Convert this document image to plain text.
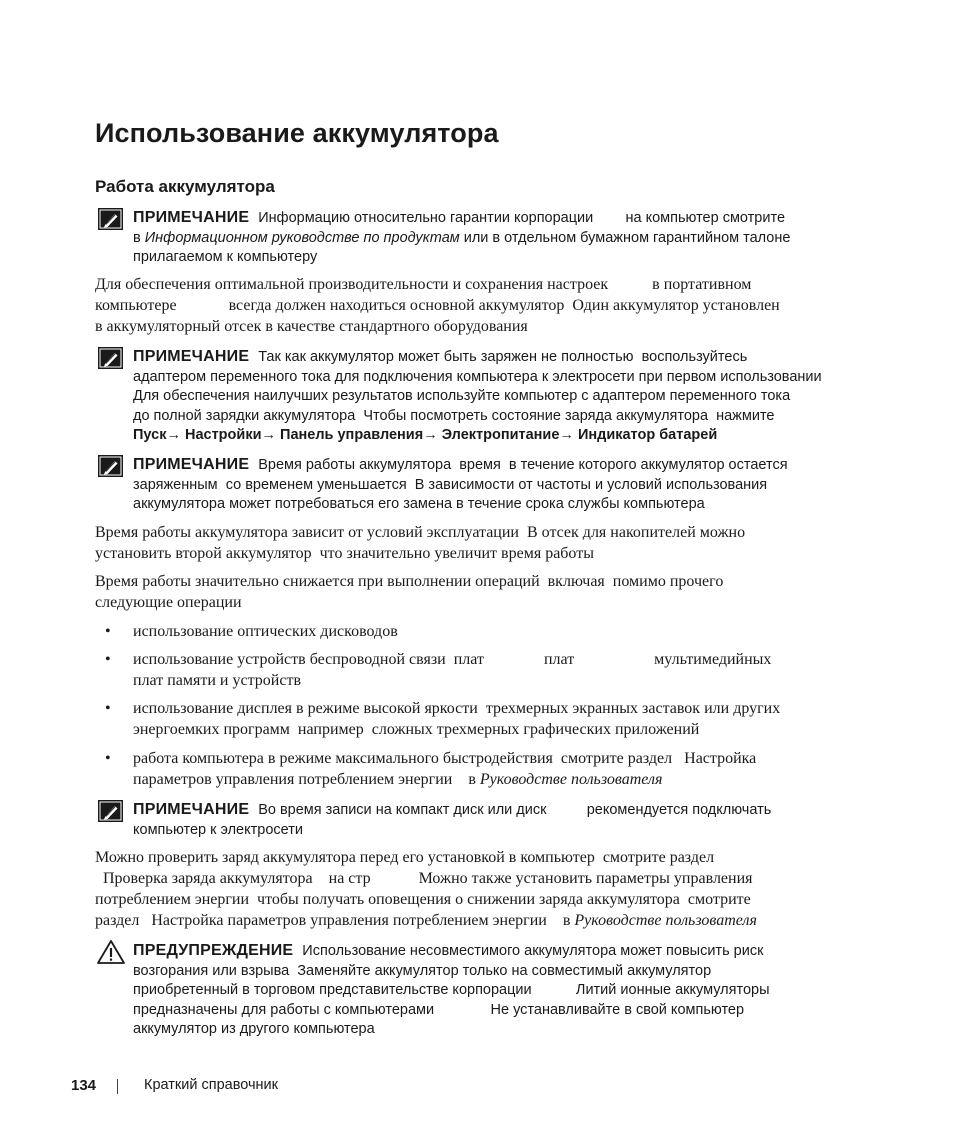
Использование аккумулятора
Работа аккумулятора
ПРИМЕЧАНИЕ Информацию относительно гарантии корпорации        на компьютер смотрите
в Информационном руководстве по продуктам или в отдельном бумажном гарантийном талоне
прилагаемом к компьютеру
Для обеспечения оптимальной производительности и сохранения настроек           в портативном
компьютере             всегда должен находиться основной аккумулятор  Один аккумулятор установлен
в аккумуляторный отсек в качестве стандартного оборудования
ПРИМЕЧАНИЕ Так как аккумулятор может быть заряжен не полностью  воспользуйтесь
адаптером переменного тока для подключения компьютера к электросети при первом использовании
Для обеспечения наилучших результатов используйте компьютер с адаптером переменного тока
до полной зарядки аккумулятора  Чтобы посмотреть состояние заряда аккумулятора  нажмите
Пуск→ Настройки→ Панель управления→ Электропитание→ Индикатор батарей
ПРИМЕЧАНИЕ Время работы аккумулятора  время  в течение которого аккумулятор остается
заряженным  со временем уменьшается  В зависимости от частоты и условий использования
аккумулятора может потребоваться его замена в течение срока службы компьютера
Время работы аккумулятора зависит от условий эксплуатации  В отсек для накопителей можно
установить второй аккумулятор  что значительно увеличит время работы
Время работы значительно снижается при выполнении операций  включая  помимо прочего
следующие операции
• использование оптических дисководов
• использование устройств беспроводной связи  плат               плат                    мультимедийных
плат памяти и устройств
• использование дисплея в режиме высокой яркости  трехмерных экранных заставок или других
энергоемких программ  например  сложных трехмерных графических приложений
• работа компьютера в режиме максимального быстродействия  смотрите раздел   Настройка
параметров управления потреблением энергии    в Руководстве пользователя
ПРИМЕЧАНИЕ Во время записи на компакт диск или диск          рекомендуется подключать
компьютер к электросети
Можно проверить заряд аккумулятора перед его установкой в компьютер  смотрите раздел
Проверка заряда аккумулятора    на стр            Можно также установить параметры управления
потреблением энергии  чтобы получать оповещения о снижении заряда аккумулятора  смотрите
раздел   Настройка параметров управления потреблением энергии    в Руководстве пользователя
ПРЕДУПРЕЖДЕНИЕ Использование несовместимого аккумулятора может повысить риск
возгорания или взрыва  Заменяйте аккумулятор только на совместимый аккумулятор
приобретенный в торговом представительстве корпорации           Литий ионные аккумуляторы
предназначены для работы с компьютерами              Не устанавливайте в свой компьютер
аккумулятор из другого компьютера
134	Краткий справочник
